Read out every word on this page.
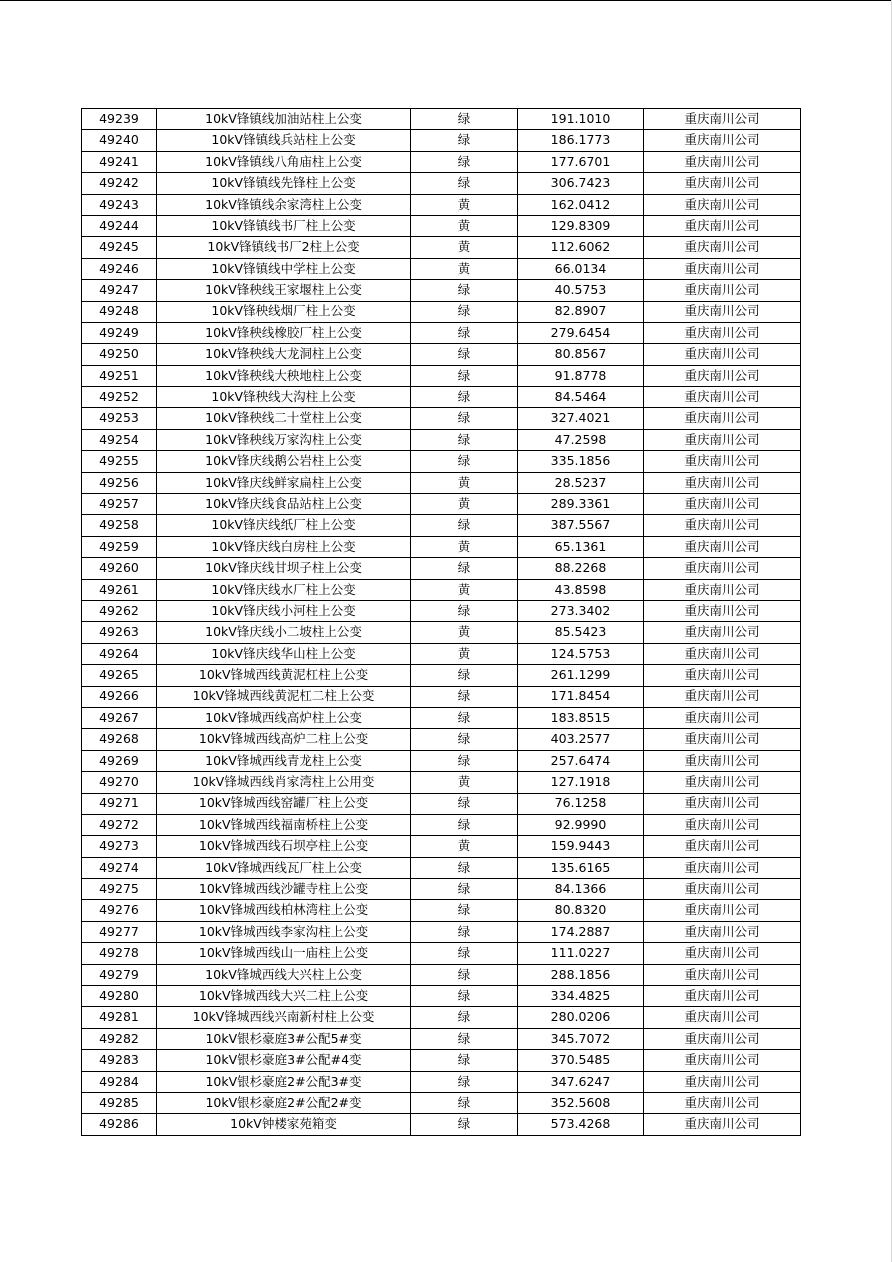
49239	10kV锋镇线加油站柱上公变	绿	191.1010	重庆南川公司
49240	10kV锋镇线兵站柱上公变	绿	186.1773	重庆南川公司
49241	10kV锋镇线八角庙柱上公变	绿	177.6701	重庆南川公司
49242	10kV锋镇线先锋柱上公变	绿	306.7423	重庆南川公司
49243	10kV锋镇线余家湾柱上公变	黄	162.0412	重庆南川公司
49244	10kV锋镇线书厂柱上公变	黄	129.8309	重庆南川公司
49245	10kV锋镇线书厂2柱上公变	黄	112.6062	重庆南川公司
49246	10kV锋镇线中学柱上公变	黄	66.0134	重庆南川公司
49247	10kV锋秧线王家堰柱上公变	绿	40.5753	重庆南川公司
49248	10kV锋秧线烟厂柱上公变	绿	82.8907	重庆南川公司
49249	10kV锋秧线橡胶厂柱上公变	绿	279.6454	重庆南川公司
49250	10kV锋秧线大龙洞柱上公变	绿	80.8567	重庆南川公司
49251	10kV锋秧线大秧地柱上公变	绿	91.8778	重庆南川公司
49252	10kV锋秧线大沟柱上公变	绿	84.5464	重庆南川公司
49253	10kV锋秧线二十堂柱上公变	绿	327.4021	重庆南川公司
49254	10kV锋秧线万家沟柱上公变	绿	47.2598	重庆南川公司
49255	10kV锋庆线鹅公岩柱上公变	绿	335.1856	重庆南川公司
49256	10kV锋庆线鲜家扁柱上公变	黄	28.5237	重庆南川公司
49257	10kV锋庆线食品站柱上公变	黄	289.3361	重庆南川公司
49258	10kV锋庆线纸厂柱上公变	绿	387.5567	重庆南川公司
49259	10kV锋庆线白房柱上公变	黄	65.1361	重庆南川公司
49260	10kV锋庆线甘坝子柱上公变	绿	88.2268	重庆南川公司
49261	10kV锋庆线水厂柱上公变	黄	43.8598	重庆南川公司
49262	10kV锋庆线小河柱上公变	绿	273.3402	重庆南川公司
49263	10kV锋庆线小二坡柱上公变	黄	85.5423	重庆南川公司
49264	10kV锋庆线华山柱上公变	黄	124.5753	重庆南川公司
49265	10kV锋城西线黄泥杠柱上公变	绿	261.1299	重庆南川公司
49266	10kV锋城西线黄泥杠二柱上公变	绿	171.8454	重庆南川公司
49267	10kV锋城西线高炉柱上公变	绿	183.8515	重庆南川公司
49268	10kV锋城西线高炉二柱上公变	绿	403.2577	重庆南川公司
49269	10kV锋城西线青龙柱上公变	绿	257.6474	重庆南川公司
49270	10kV锋城西线肖家湾柱上公用变	黄	127.1918	重庆南川公司
49271	10kV锋城西线窑罐厂柱上公变	绿	76.1258	重庆南川公司
49272	10kV锋城西线福南桥柱上公变	绿	92.9990	重庆南川公司
49273	10kV锋城西线石坝亭柱上公变	黄	159.9443	重庆南川公司
49274	10kV锋城西线瓦厂柱上公变	绿	135.6165	重庆南川公司
49275	10kV锋城西线沙罐寺柱上公变	绿	84.1366	重庆南川公司
49276	10kV锋城西线柏林湾柱上公变	绿	80.8320	重庆南川公司
49277	10kV锋城西线李家沟柱上公变	绿	174.2887	重庆南川公司
49278	10kV锋城西线山一庙柱上公变	绿	111.0227	重庆南川公司
49279	10kV锋城西线大兴柱上公变	绿	288.1856	重庆南川公司
49280	10kV锋城西线大兴二柱上公变	绿	334.4825	重庆南川公司
49281	10kV锋城西线兴南新村柱上公变	绿	280.0206	重庆南川公司
49282	10kV银杉豪庭3#公配5#变	绿	345.7072	重庆南川公司
49283	10kV银杉豪庭3#公配#4变	绿	370.5485	重庆南川公司
49284	10kV银杉豪庭2#公配3#变	绿	347.6247	重庆南川公司
49285	10kV银杉豪庭2#公配2#变	绿	352.5608	重庆南川公司
49286	10kV钟楼家苑箱变	绿	573.4268	重庆南川公司
